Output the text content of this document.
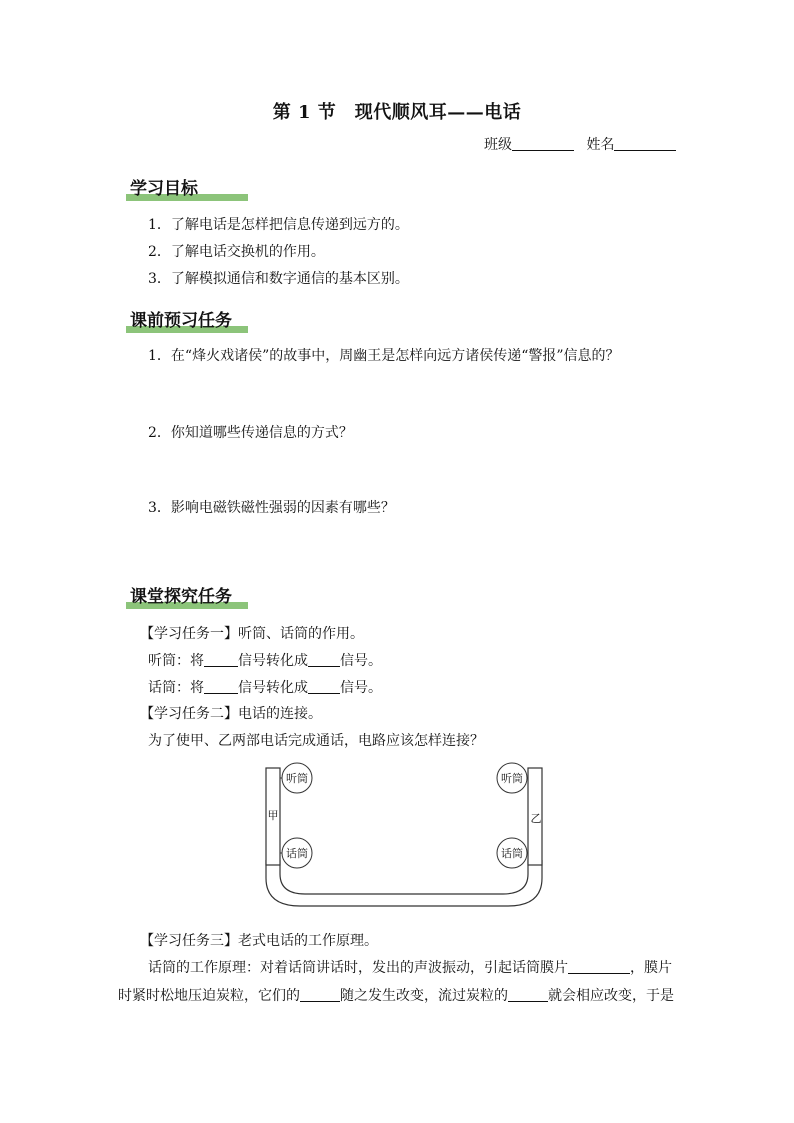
第 1 节　现代顺风耳——电话
班级	姓名
学习目标
1．了解电话是怎样把信息传递到远方的。
2．了解电话交换机的作用。
3．了解模拟通信和数字通信的基本区别。
课前预习任务
1．在“烽火戏诸侯”的故事中，周幽王是怎样向远方诸侯传递“警报”信息的？
2．你知道哪些传递信息的方式？
3．影响电磁铁磁性强弱的因素有哪些？
课堂探究任务
【学习任务一】听筒、话筒的作用。
听筒：将 信号转化成 信号。
话筒：将 信号转化成 信号。
【学习任务二】电话的连接。
为了使甲、乙两部电话完成通话，电路应该怎样连接？
听筒
话筒
甲
听筒
话筒
乙
【学习任务三】老式电话的工作原理。
话筒的工作原理：对着话筒讲话时，发出的声波振动，引起话筒膜片	，膜片
时紧时松地压迫炭粒，它们的	随之发生改变，流过炭粒的	就会相应改变，于是
